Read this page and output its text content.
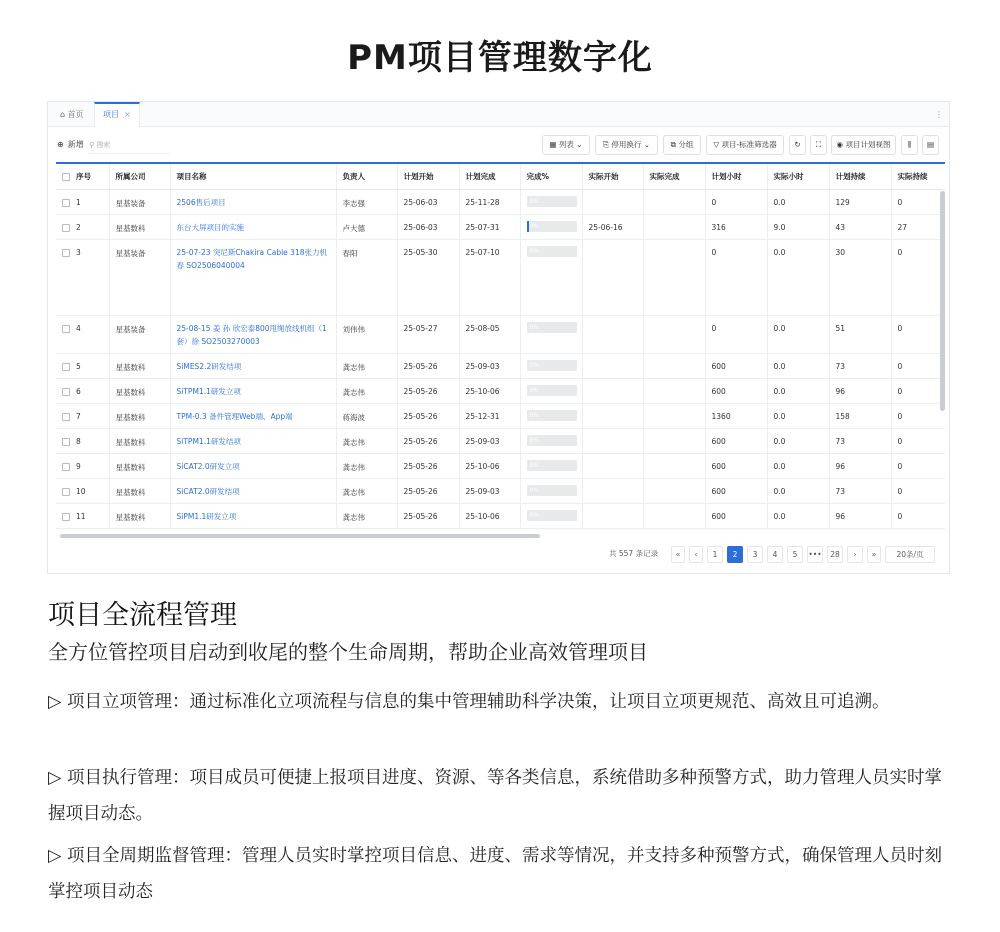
PM项目管理数字化
⌂ 首页	项目 ×	⋮
⊕ 新增 ⚲ 搜索	▦ 列表 ⌄	⎘ 停用换行 ⌄	⧉ 分组	▽ 项目-标准筛选器	↻	⛶	◉ 项目计划视图	⫼	▤
序号	所属公司	项目名称	负责人	计划开始	计划完成	完成%	实际开始	实际完成	计划小时	实际小时	计划持续	实际持续
1	星基装备	2506售后项目	李志强	25-06-03	25-11-28	0%			0	0.0	129	0
2	星基数科	东台大屏项目的实施	卢大德	25-06-03	25-07-31	0%	25-06-16		316	9.0	43	27
3	星基装备	25-07-23 突尼斯Chakira Cable 318张力机 春 SO2506040004	春阳	25-05-30	25-07-10	0%			0	0.0	30	0
4	星基装备	25-08-15 姜 孙 欣宏泰800甩绳放线机组（1套）徐 SO2503270003	刘伟伟	25-05-27	25-08-05	0%			0	0.0	51	0
5	星基数科	SiMES2.2研发结项	龚志伟	25-05-26	25-09-03	0%			600	0.0	73	0
6	星基数科	SiTPM1.1研发立项	龚志伟	25-05-26	25-10-06	0%			600	0.0	96	0
7	星基数科	TPM-0.3 备件管理Web端、App端	蒋海波	25-05-26	25-12-31	0%			1360	0.0	158	0
8	星基数科	SiTPM1.1研发结项	龚志伟	25-05-26	25-09-03	0%			600	0.0	73	0
9	星基数科	SiCAT2.0研发立项	龚志伟	25-05-26	25-10-06	0%			600	0.0	96	0
10	星基数科	SiCAT2.0研发结项	龚志伟	25-05-26	25-09-03	0%			600	0.0	73	0
11	星基数科	SiPM1.1研发立项	龚志伟	25-05-26	25-10-06	0%			600	0.0	96	0
共 557 条记录	«	‹	1	2	3	4	5	•••	28	›	»	20条/页
项目全流程管理
全方位管控项目启动到收尾的整个生命周期，帮助企业高效管理项目
▷ 项目立项管理：通过标准化立项流程与信息的集中管理辅助科学决策，让项目立项更规范、高效且可追溯。
▷ 项目执行管理：项目成员可便捷上报项目进度、资源、等各类信息，系统借助多种预警方式，助力管理人员实时掌握项目动态。
▷ 项目全周期监督管理：管理人员实时掌控项目信息、进度、需求等情况，并支持多种预警方式，确保管理人员时刻掌控项目动态
